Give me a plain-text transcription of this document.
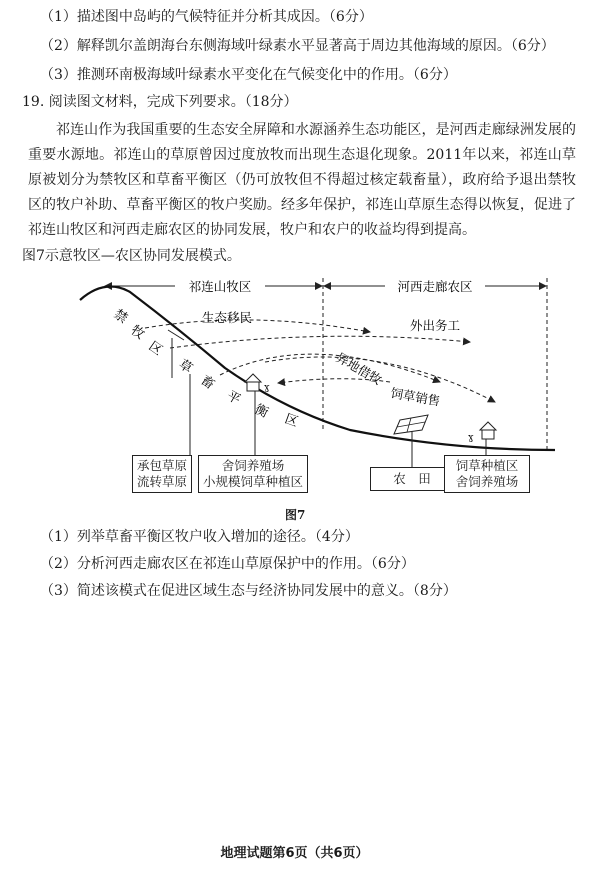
（1）描述图中岛屿的气候特征并分析其成因。（6分）
（2）解释凯尔盖朗海台东侧海域叶绿素水平显著高于周边其他海域的原因。（6分）
（3）推测环南极海域叶绿素水平变化在气候变化中的作用。（6分）
19. 阅读图文材料，完成下列要求。（18分）
祁连山作为我国重要的生态安全屏障和水源涵养生态功能区，是河西走廊绿洲发展的重要水源地。祁连山的草原曾因过度放牧而出现生态退化现象。2011年以来，祁连山草原被划分为禁牧区和草畜平衡区（仍可放牧但不得超过核定载畜量），政府给予退出禁牧区的牧户补助、草畜平衡区的牧户奖励。经多年保护，祁连山草原生态得以恢复，促进了祁连山牧区和河西走廊农区的协同发展，牧户和农户的收益均得到提高。
图7示意牧区—农区协同发展模式。
祁连山牧区	河西走廊农区
禁
牧
区
草
畜
平
衡 区
生态移民
外出务工
异地借牧
饲草销售
ɣ
ɣ
承包草原
流转草原
舍饲养殖场
小规模饲草种植区	农　田
饲草种植区
舍饲养殖场
图7
（1）列举草畜平衡区牧户收入增加的途径。（4分）
（2）分析河西走廊农区在祁连山草原保护中的作用。（6分）
（3）简述该模式在促进区域生态与经济协同发展中的意义。（8分）
地理试题第6页（共6页）
